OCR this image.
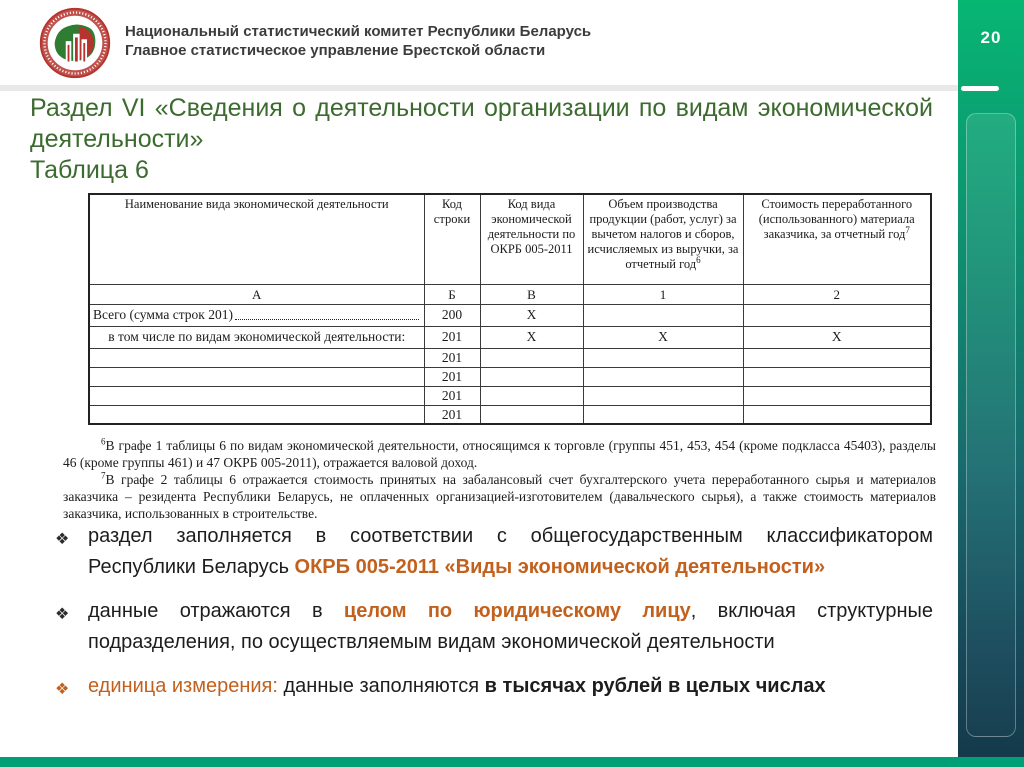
Национальный статистический комитет Республики Беларусь
Главное статистическое управление Брестской области
20
Раздел VI «Сведения о деятельности организации по видам экономической деятельности»
Таблица 6
Наименование вида экономической деятельности	Код строки	Код вида экономической деятельности по ОКРБ 005-2011	Объем производства продукции (работ, услуг) за вычетом налогов и сборов, исчисляемых из выручки, за отчетный год$^6$	Стоимость переработанного (использованного) материала заказчика, за отчетный год$^7$
А	Б	В	1	2

Всего (сумма строк 201)	200	Х		
в том числе по видам экономической деятельности:	201	Х	Х	Х
	201			
	201			
	201			
	201			

$^6$В графе 1 таблицы 6 по видам экономической деятельности, относящимся к торговле (группы 451, 453, 454 (кроме подкласса 45403), разделы 46 (кроме группы 461) и 47 ОКРБ 005-2011), отражается валовой доход.

$^7$В графе 2 таблицы 6 отражается стоимость принятых на забалансовый счет бухгалтерского учета переработанного сырья и материалов заказчика – резидента Республики Беларусь, не оплаченных организацией-изготовителем (давальческого сырья), а также стоимость материалов заказчика, использованных в строительстве.

❖ раздел заполняется в соответствии с общегосударственным классификатором Республики Беларусь ОКРБ 005-2011 «Виды экономической деятельности»
❖ данные отражаются в целом по юридическому лицу, включая структурные подразделения, по осуществляемым видам экономической деятельности
❖ единица измерения: данные заполняются в тысячах рублей в целых числах
